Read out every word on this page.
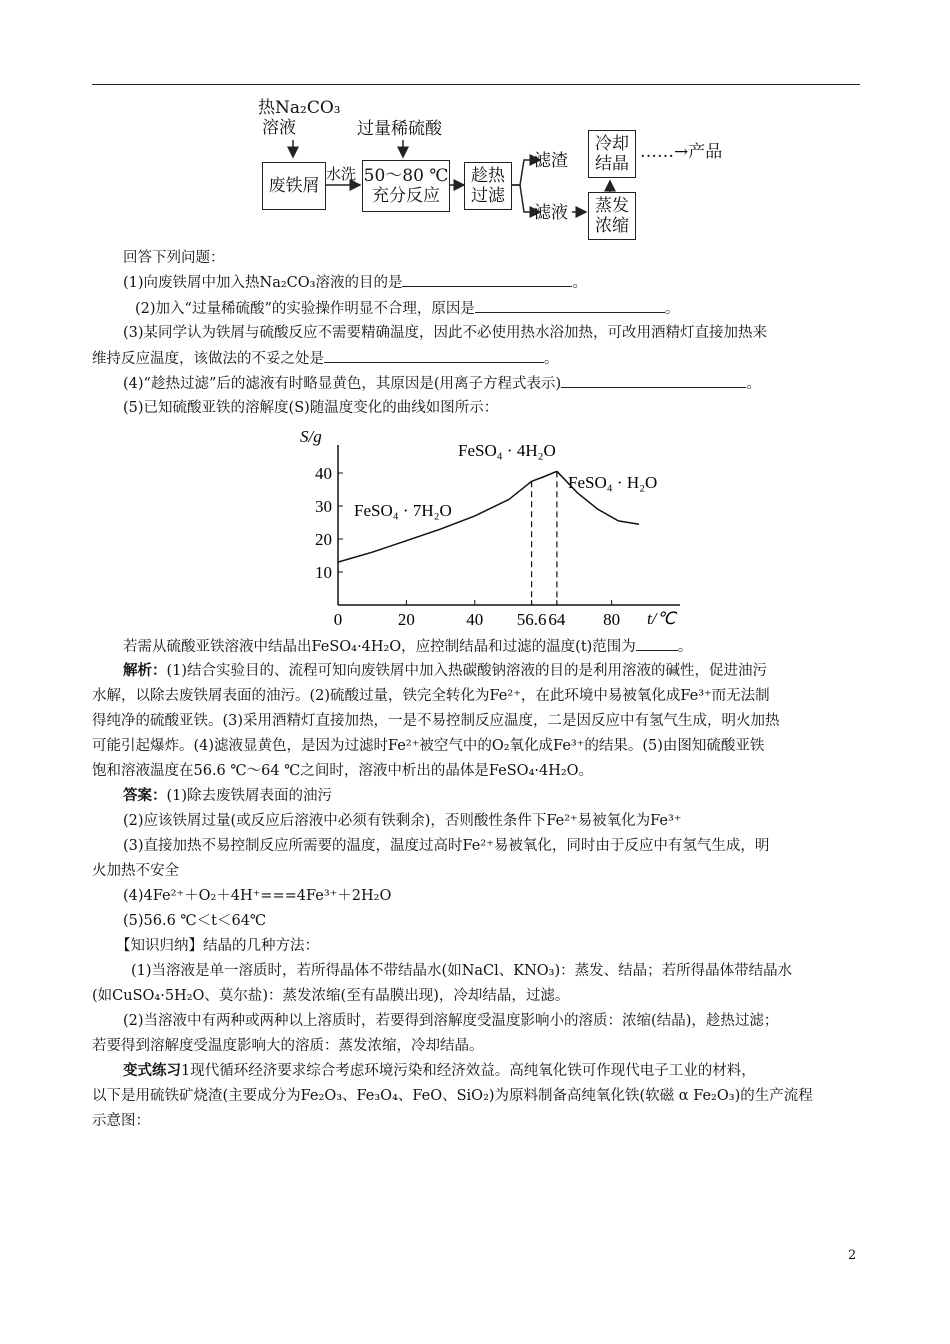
热Na₂CO₃
溶液	过量稀硫酸
废铁屑
水洗 50～80 ℃
充分反应
趁热
过滤
滤渣
滤液
冷却
结晶
蒸发
浓缩
……→产品
回答下列问题：
(1)向废铁屑中加入热Na₂CO₃溶液的目的是	。
(2)加入“过量稀硫酸”的实验操作明显不合理，原因是	。
(3)某同学认为铁屑与硫酸反应不需要精确温度，因此不必使用热水浴加热，可改用酒精灯直接加热来
维持反应温度，该做法的不妥之处是	。
(4)“趁热过滤”后的滤液有时略显黄色，其原因是(用离子方程式表示)	。
(5)已知硫酸亚铁的溶解度(S)随温度变化的曲线如图所示：
S/g
t/℃
FeSO₄ · 4H₂O
FeSO₄ · H₂O
FeSO₄ · 7H₂O
10
20
30
40
0	20	40 56.6 64 80
若需从硫酸亚铁溶液中结晶出FeSO₄·4H₂O，应控制结晶和过滤的温度(t)范围为	。
解析：(1)结合实验目的、流程可知向废铁屑中加入热碳酸钠溶液的目的是利用溶液的碱性，促进油污
水解，以除去废铁屑表面的油污。(2)硫酸过量，铁完全转化为Fe²⁺，在此环境中易被氧化成Fe³⁺而无法制
得纯净的硫酸亚铁。(3)采用酒精灯直接加热，一是不易控制反应温度，二是因反应中有氢气生成，明火加热
可能引起爆炸。(4)滤液显黄色，是因为过滤时Fe²⁺被空气中的O₂氧化成Fe³⁺的结果。(5)由图知硫酸亚铁
饱和溶液温度在56.6 ℃～64 ℃之间时，溶液中析出的晶体是FeSO₄·4H₂O。
答案：(1)除去废铁屑表面的油污
(2)应该铁屑过量(或反应后溶液中必须有铁剩余)，否则酸性条件下Fe²⁺易被氧化为Fe³⁺
(3)直接加热不易控制反应所需要的温度，温度过高时Fe²⁺易被氧化，同时由于反应中有氢气生成，明
火加热不安全
(4)4Fe²⁺＋O₂＋4H⁺===4Fe³⁺＋2H₂O
(5)56.6 ℃＜t＜64℃
【知识归纳】结晶的几种方法：
(1)当溶液是单一溶质时，若所得晶体不带结晶水(如NaCl、KNO₃)：蒸发、结晶；若所得晶体带结晶水
(如CuSO₄·5H₂O、莫尔盐)：蒸发浓缩(至有晶膜出现)，冷却结晶，过滤。
(2)当溶液中有两种或两种以上溶质时，若要得到溶解度受温度影响小的溶质：浓缩(结晶)，趁热过滤；
若要得到溶解度受温度影响大的溶质：蒸发浓缩，冷却结晶。
变式练习1现代循环经济要求综合考虑环境污染和经济效益。高纯氧化铁可作现代电子工业的材料，
以下是用硫铁矿烧渣(主要成分为Fe₂O₃、Fe₃O₄、FeO、SiO₂)为原料制备高纯氧化铁(软磁 α Fe₂O₃)的生产流程
示意图：
2
